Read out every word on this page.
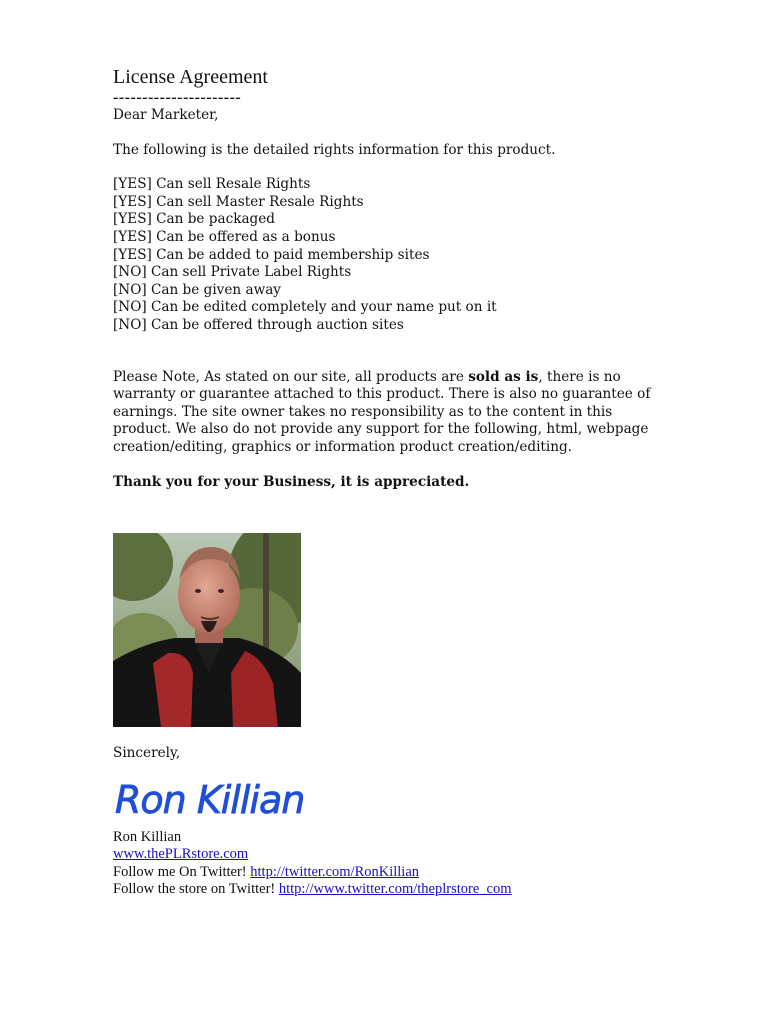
License Agreement
----------------------

Dear Marketer,

The following is the detailed rights information for this product.

[YES] Can sell Resale Rights
[YES] Can sell Master Resale Rights
[YES] Can be packaged
[YES] Can be offered as a bonus
[YES] Can be added to paid membership sites
[NO] Can sell Private Label Rights
[NO] Can be given away
[NO] Can be edited completely and your name put on it
[NO] Can be offered through auction sites

Please Note, As stated on our site, all products are sold as is, there is no warranty or guarantee attached to this product. There is also no guarantee of earnings. The site owner takes no responsibility as to the content in this product. We also do not provide any support for the following, html, webpage creation/editing, graphics or information product creation/editing.

Thank you for your Business, it is appreciated.

Sincerely,

Ron Killian
Ron Killian
www.thePLRstore.com
Follow me On Twitter! http://twitter.com/RonKillian
Follow the store on Twitter! http://www.twitter.com/theplrstore_com
